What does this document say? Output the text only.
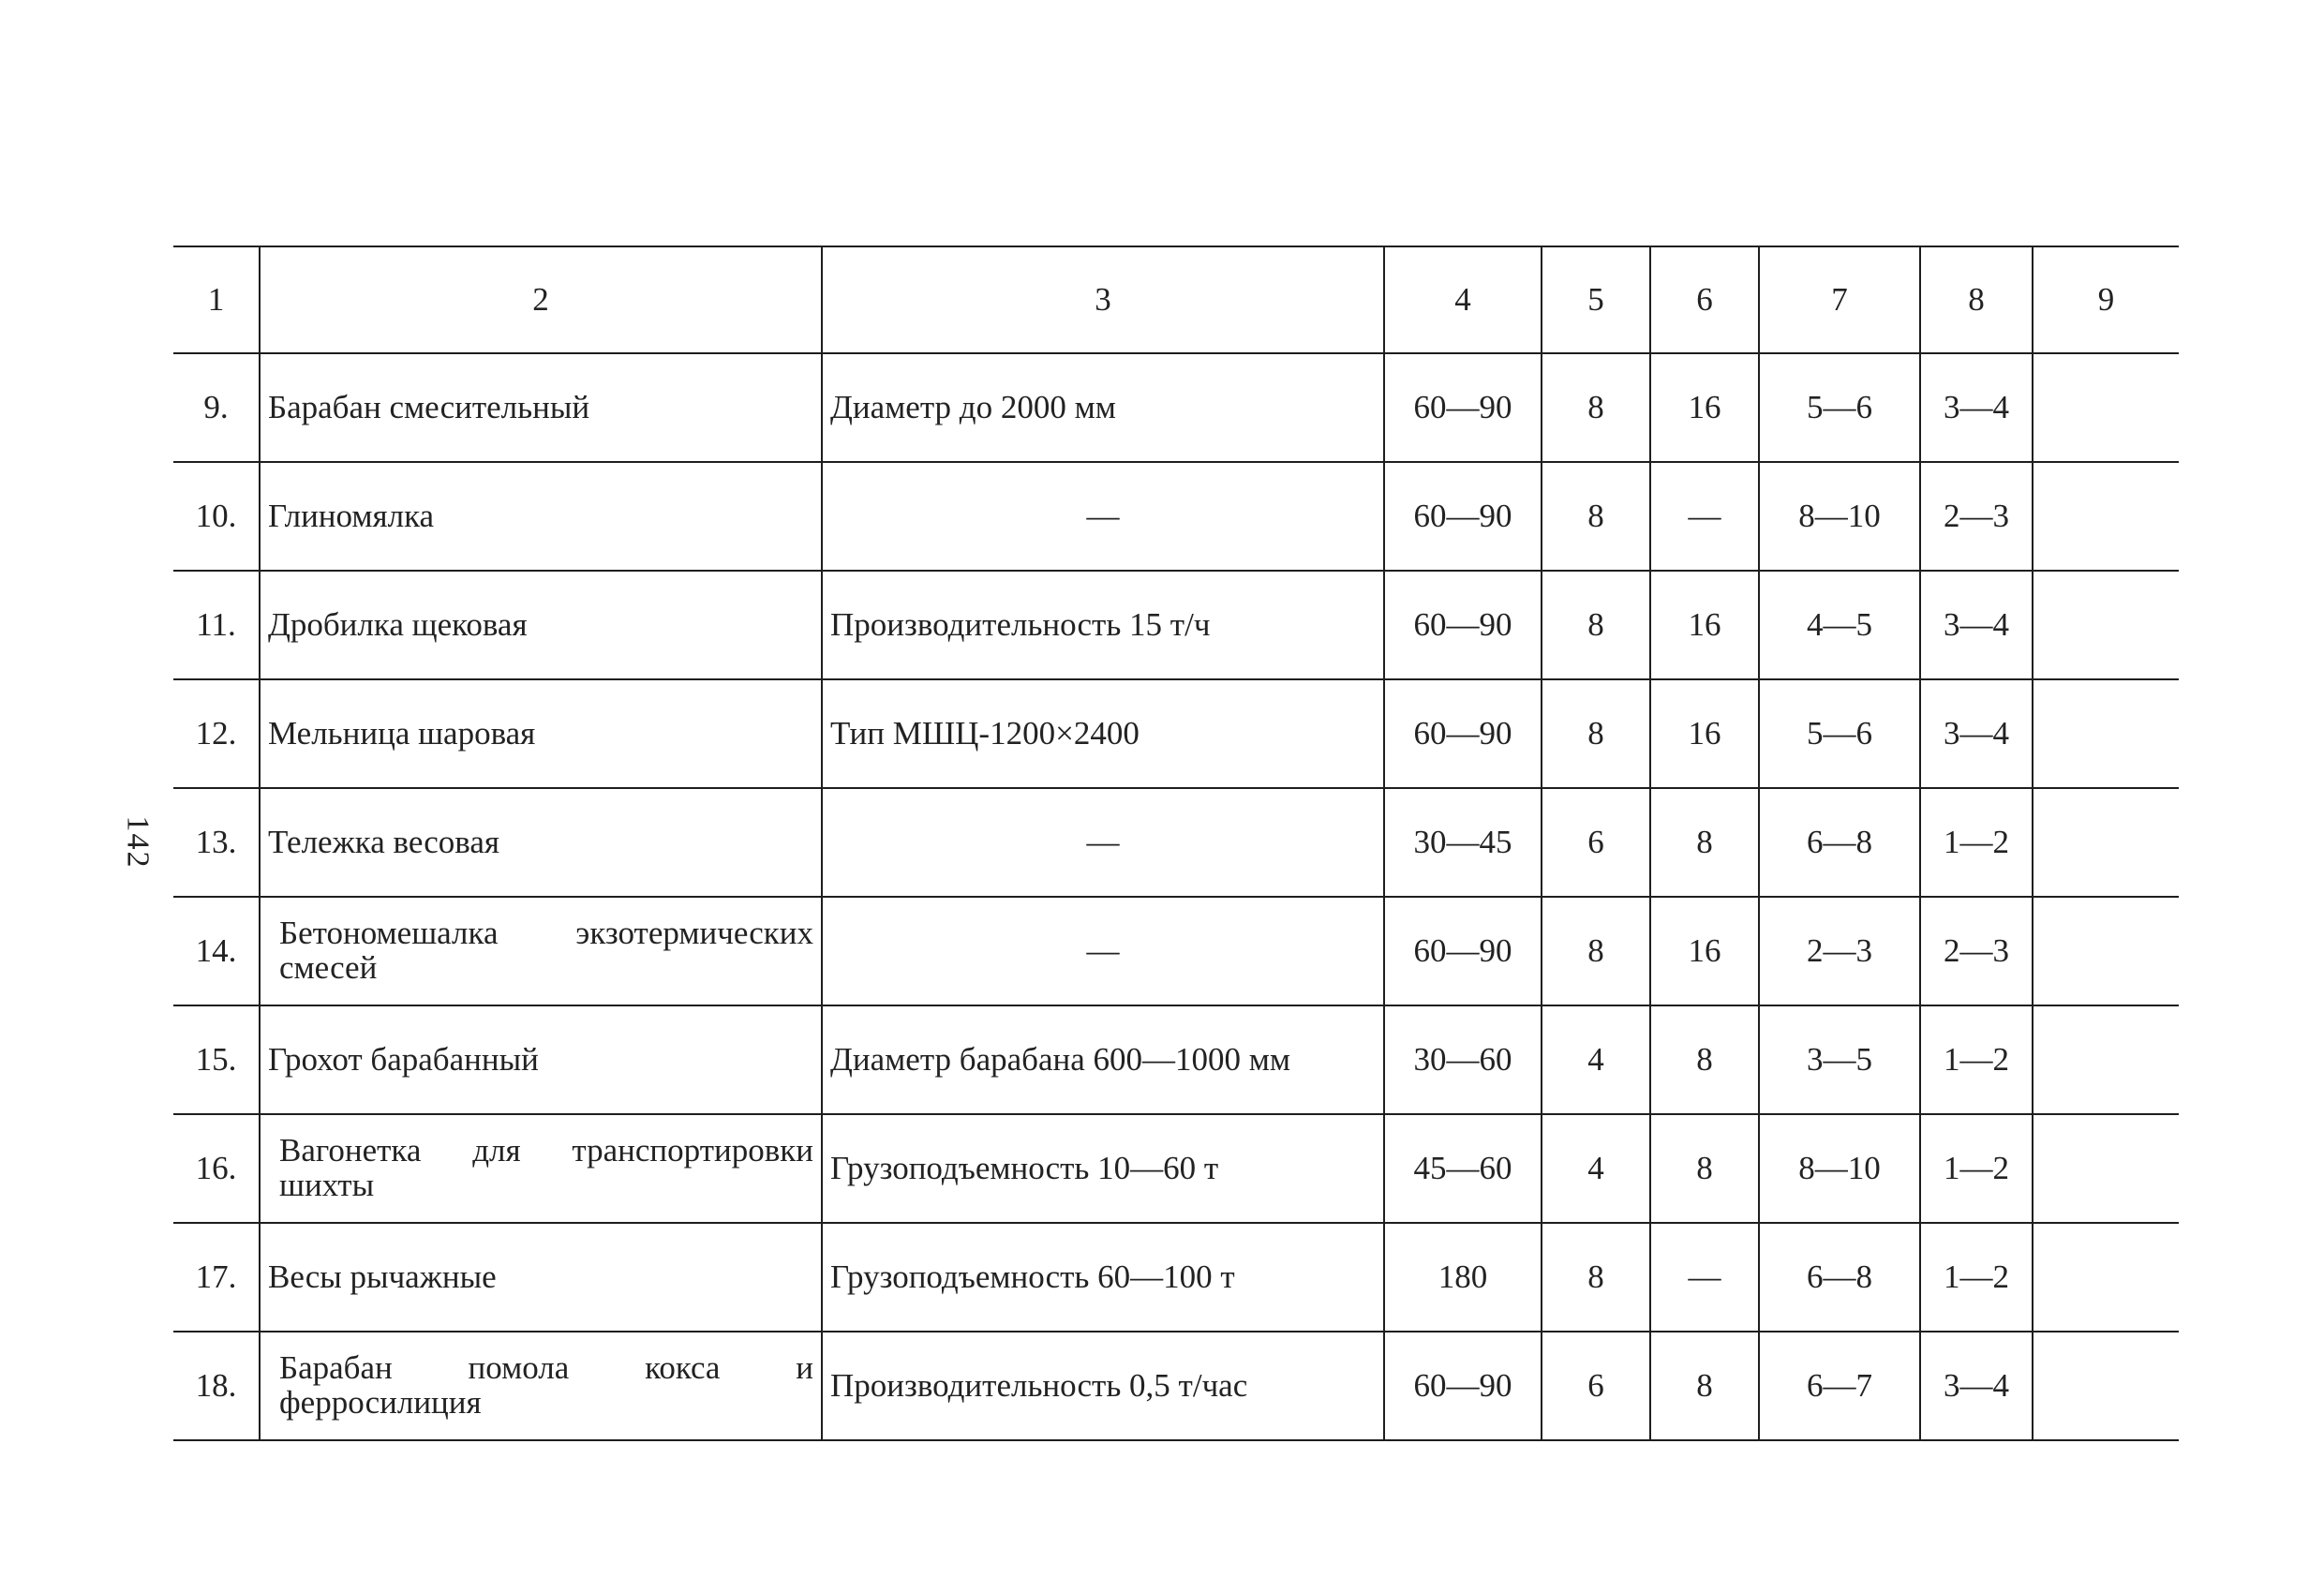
142
1	2	3	4	5	6	7	8	9
9.	Барабан смесительный	Диаметр до 2000 мм	60—90	8	16	5—6	3—4	
10.	Глиномялка	—	60—90	8	—	8—10	2—3	
11.	Дробилка щековая	Производительность 15 т/ч	60—90	8	16	4—5	3—4	
12.	Мельница шаровая	Тип МШЦ-1200×2400	60—90	8	16	5—6	3—4	
13.	Тележка весовая	—	30—45	6	8	6—8	1—2	
14.	Бетономешалка экзотермических смесей	—	60—90	8	16	2—3	2—3	
15.	Грохот барабанный	Диаметр барабана 600—1000 мм	30—60	4	8	3—5	1—2	
16.	Вагонетка для транспортировки шихты	Грузоподъемность 10—60 т	45—60	4	8	8—10	1—2	
17.	Весы рычажные	Грузоподъемность 60—100 т	180	8	—	6—8	1—2	
18.	Барабан помола кокса и ферросилиция	Производительность 0,5 т/час	60—90	6	8	6—7	3—4	
